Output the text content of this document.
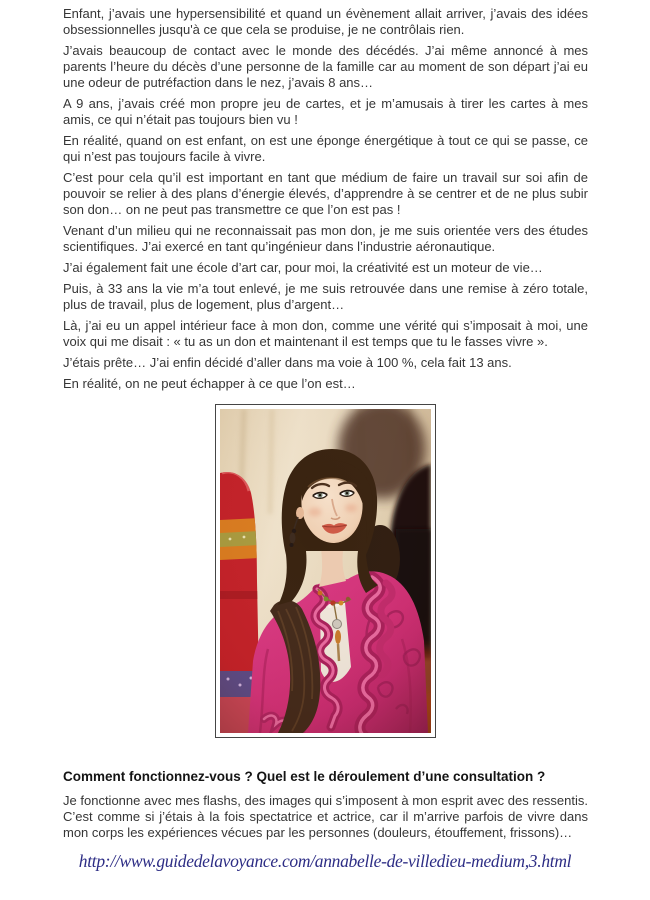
Enfant, j’avais une hypersensibilité et quand un évènement allait arriver, j’avais des idées obsessionnelles jusqu'à ce que cela se produise, je ne contrôlais rien.

J’avais beaucoup de contact avec le monde des décédés. J’ai même annoncé à mes parents l’heure du décès d’une personne de la famille car au moment de son départ j’ai eu une odeur de putréfaction dans le nez, j’avais 8 ans…

A 9 ans, j’avais créé mon propre jeu de cartes, et je m’amusais à tirer les cartes à mes amis, ce qui n’était pas toujours bien vu !

En réalité, quand on est enfant, on est une éponge énergétique à tout ce qui se passe, ce qui n’est pas toujours facile à vivre.

C’est pour cela qu’il est important en tant que médium de faire un travail sur soi afin de pouvoir se relier à des plans d’énergie élevés, d’apprendre à se centrer et de ne plus subir son don… on ne peut pas transmettre ce que l’on est pas !

Venant d’un milieu qui ne reconnaissait pas mon don, je me suis orientée vers des études scientifiques. J’ai exercé en tant qu’ingénieur dans l’industrie aéronautique.

J’ai également fait une école d’art car, pour moi, la créativité est un moteur de vie…

Puis, à 33 ans la vie m’a tout enlevé, je me suis retrouvée dans une remise à zéro totale, plus de travail, plus de logement, plus d’argent…

Là, j’ai eu un appel intérieur face à mon don, comme une vérité qui s’imposait à moi, une voix qui me disait : « tu as un don et maintenant il est temps que tu le fasses vivre ».

J’étais prête… J’ai enfin décidé d’aller dans ma voie à 100 %, cela fait 13 ans.

En réalité, on ne peut échapper à ce que l’on est…

Comment fonctionnez-vous ? Quel est le déroulement d’une consultation ?

Je fonctionne avec mes flashs, des images qui s’imposent à mon esprit avec des ressentis. C’est comme si j’étais à la fois spectatrice et actrice, car il m’arrive parfois de vivre dans mon corps les expériences vécues par les personnes (douleurs, étouffement, frissons)…

http://www.guidedelavoyance.com/annabelle-de-villedieu-medium,3.html
